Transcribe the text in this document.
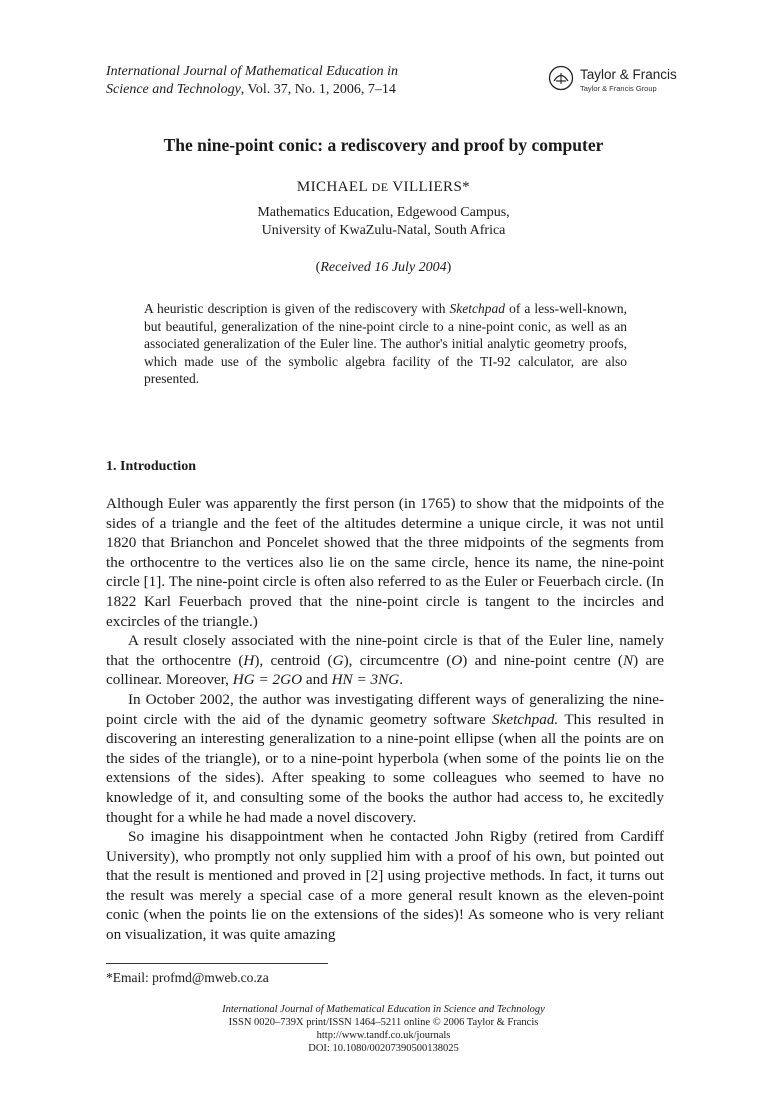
International Journal of Mathematical Education in
Science and Technology, Vol. 37, No. 1, 2006, 7–14
Taylor & Francis
Taylor & Francis Group
The nine-point conic: a rediscovery and proof by computer
MICHAEL DE VILLIERS*
Mathematics Education, Edgewood Campus,
University of KwaZulu-Natal, South Africa
(Received 16 July 2004)
A heuristic description is given of the rediscovery with Sketchpad of a less-well-known, but beautiful, generalization of the nine-point circle to a nine-point conic, as well as an associated generalization of the Euler line. The author's initial analytic geometry proofs, which made use of the symbolic algebra facility of the TI-92 calculator, are also presented.
1. Introduction

Although Euler was apparently the first person (in 1765) to show that the midpoints of the sides of a triangle and the feet of the altitudes determine a unique circle, it was not until 1820 that Brianchon and Poncelet showed that the three midpoints of the segments from the orthocentre to the vertices also lie on the same circle, hence its name, the nine-point circle [1]. The nine-point circle is often also referred to as the Euler or Feuerbach circle. (In 1822 Karl Feuerbach proved that the nine-point circle is tangent to the incircles and excircles of the triangle.)

A result closely associated with the nine-point circle is that of the Euler line, namely that the orthocentre (H), centroid (G), circumcentre (O) and nine-point centre (N) are collinear. Moreover, HG = 2GO and HN = 3NG.

In October 2002, the author was investigating different ways of generalizing the nine-point circle with the aid of the dynamic geometry software Sketchpad. This resulted in discovering an interesting generalization to a nine-point ellipse (when all the points are on the sides of the triangle), or to a nine-point hyperbola (when some of the points lie on the extensions of the sides). After speaking to some colleagues who seemed to have no knowledge of it, and consulting some of the books the author had access to, he excitedly thought for a while he had made a novel discovery.

So imagine his disappointment when he contacted John Rigby (retired from Cardiff University), who promptly not only supplied him with a proof of his own, but pointed out that the result is mentioned and proved in [2] using projective methods. In fact, it turns out the result was merely a special case of a more general result known as the eleven-point conic (when the points lie on the extensions of the sides)! As someone who is very reliant on visualization, it was quite amazing

*Email: profmd@mweb.co.za
International Journal of Mathematical Education in Science and Technology
ISSN 0020–739X print/ISSN 1464–5211 online © 2006 Taylor & Francis
http://www.tandf.co.uk/journals
DOI: 10.1080/00207390500138025
